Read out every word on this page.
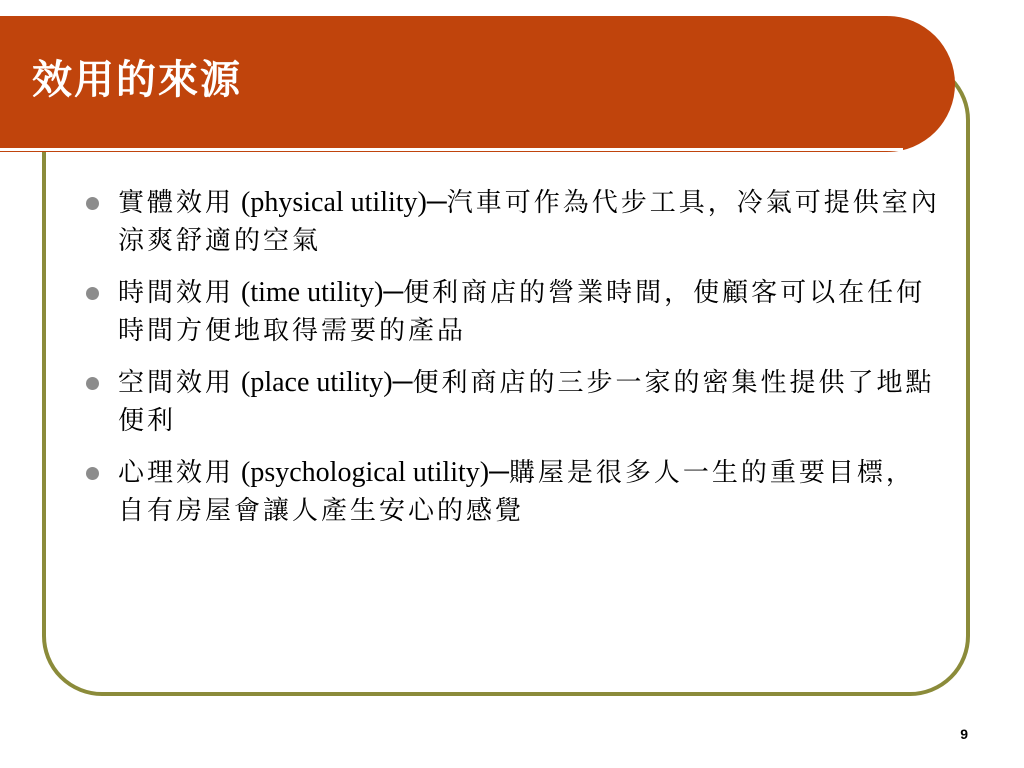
效用的來源
實體效用 (physical utility)─汽車可作為代步工具，冷氣可提供室內涼爽舒適的空氣
時間效用 (time utility)─便利商店的營業時間，使顧客可以在任何時間方便地取得需要的產品
空間效用 (place utility)─便利商店的三步一家的密集性提供了地點便利
心理效用 (psychological utility)─購屋是很多人一生的重要目標，自有房屋會讓人產生安心的感覺
9
